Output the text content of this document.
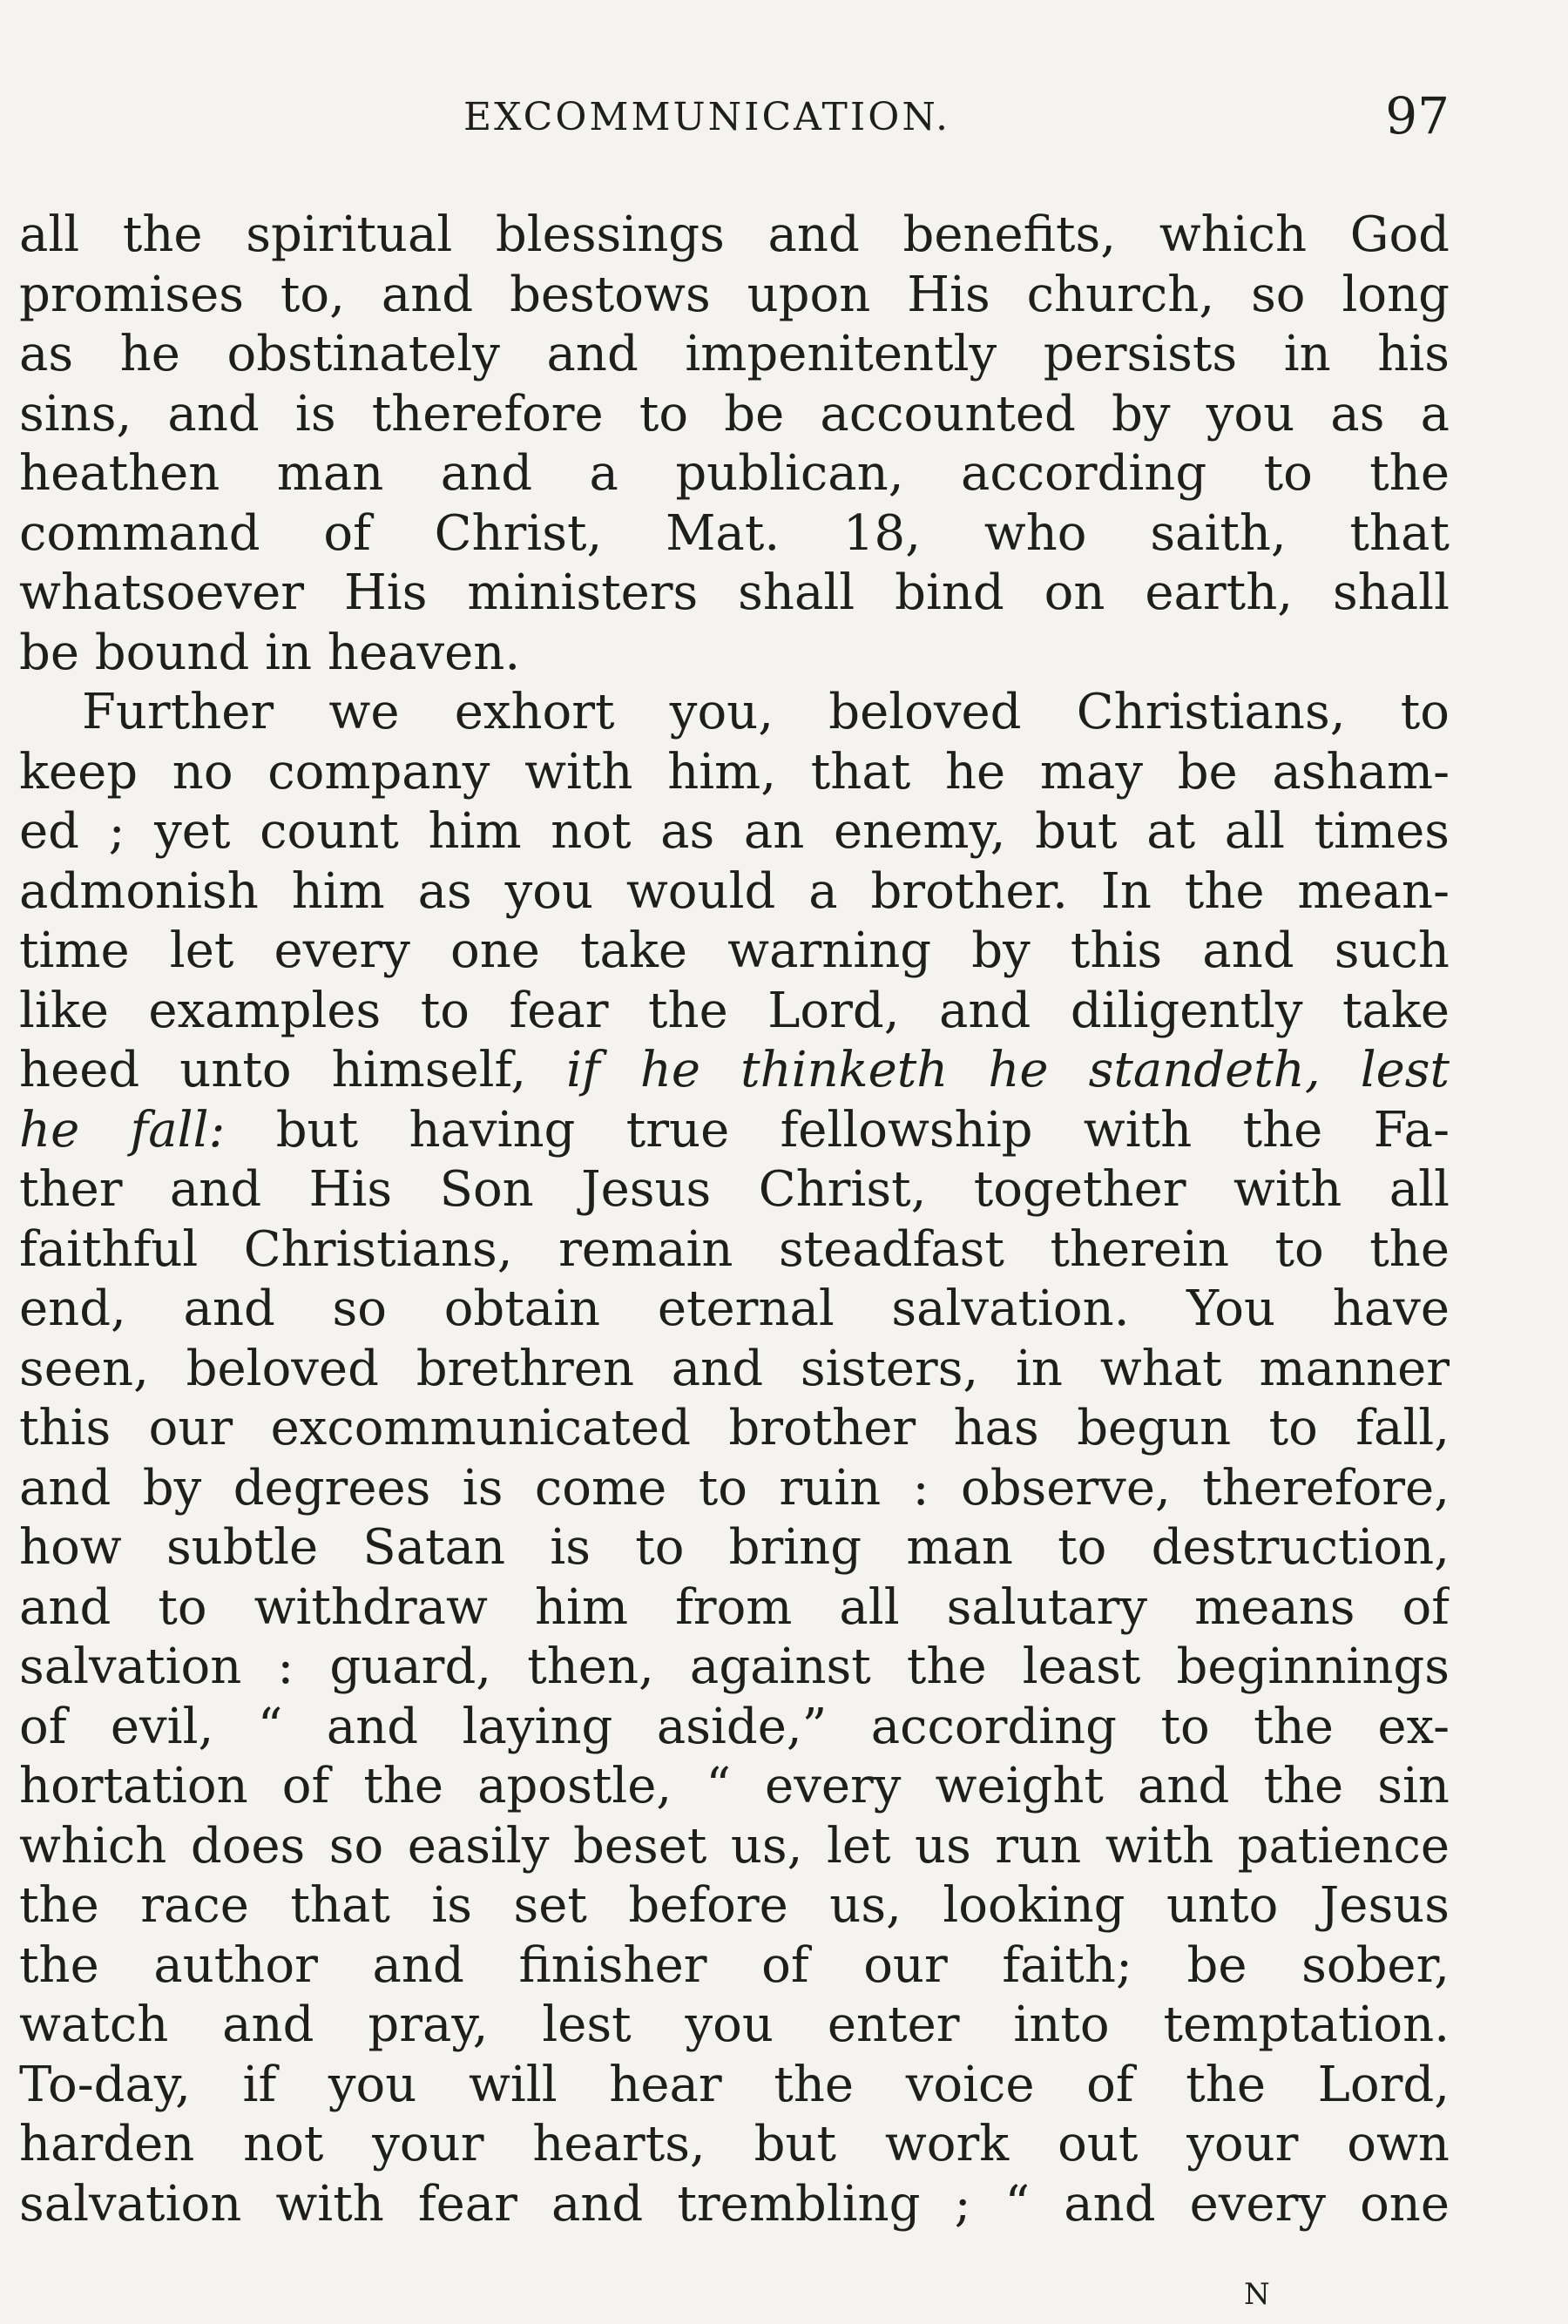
EXCOMMUNICATION.	97
all the spiritual blessings and benefits, which God
promises to, and bestows upon His church, so long
as he obstinately and impenitently persists in his
sins, and is therefore to be accounted by you as a
heathen man and a publican, according to the
command of Christ, Mat. 18, who saith, that
whatsoever His ministers shall bind on earth, shall
be bound in heaven.
Further we exhort you, beloved Christians, to
keep no company with him, that he may be asham-
ed ; yet count him not as an enemy, but at all times
admonish him as you would a brother. In the mean-
time let every one take warning by this and such
like examples to fear the Lord, and diligently take
heed unto himself, if he thinketh he standeth, lest
he fall: but having true fellowship with the Fa-
ther and His Son Jesus Christ, together with all
faithful Christians, remain steadfast therein to the
end, and so obtain eternal salvation. You have
seen, beloved brethren and sisters, in what manner
this our excommunicated brother has begun to fall,
and by degrees is come to ruin : observe, therefore,
how subtle Satan is to bring man to destruction,
and to withdraw him from all salutary means of
salvation : guard, then, against the least beginnings
of evil, “ and laying aside,” according to the ex-
hortation of the apostle, “ every weight and the sin
which does so easily beset us, let us run with patience
the race that is set before us, looking unto Jesus
the author and finisher of our faith; be sober,
watch and pray, lest you enter into temptation.
To-day, if you will hear the voice of the Lord,
harden not your hearts, but work out your own
salvation with fear and trembling ; “ and every one
N
